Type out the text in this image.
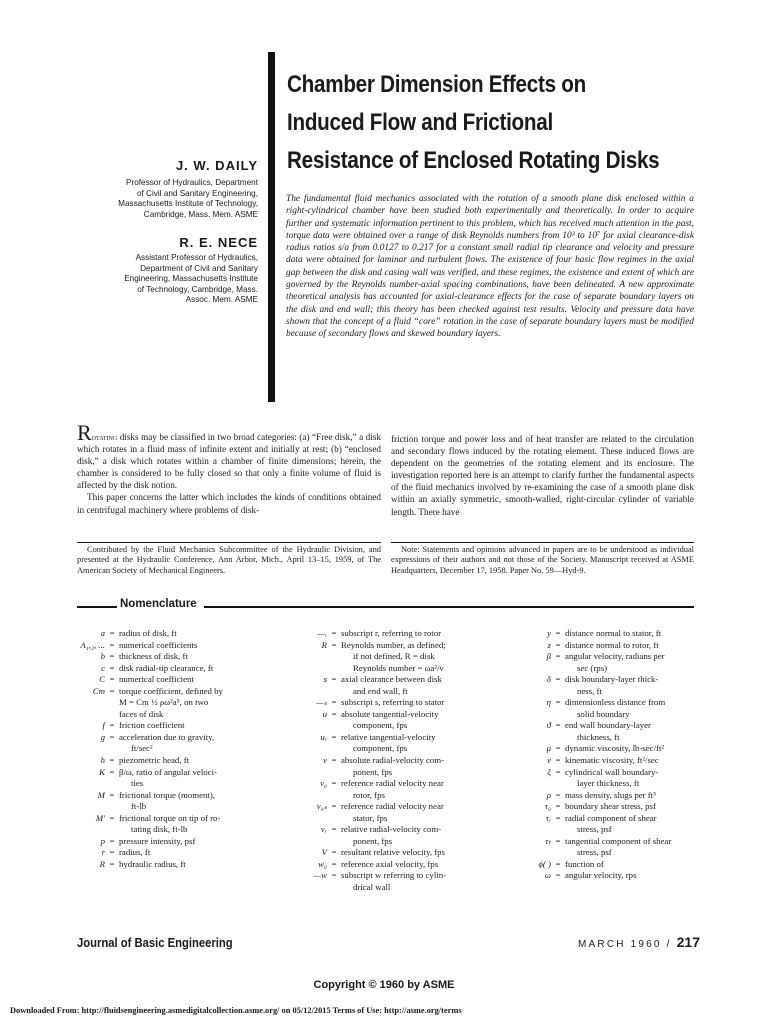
Chamber Dimension Effects on
Induced Flow and Frictional
Resistance of Enclosed Rotating Disks
J. W. DAILY
Professor of Hydraulics, Department
of Civil and Sanitary Engineering,
Massachusetts Institute of Technology,
Cambridge, Mass. Mem. ASME
R. E. NECE
Assistant Professor of Hydraulics,
Department of Civil and Sanitary
Engineering, Massachusetts Institute
of Technology, Cambridge, Mass.
Assoc. Mem. ASME
The fundamental fluid mechanics associated with the rotation of a smooth plane disk enclosed within a right-cylindrical chamber have been studied both experimentally and theoretically. In order to acquire further and systematic information pertinent to this problem, which has received much attention in the past, torque data were obtained over a range of disk Reynolds numbers from 10³ to 10⁷ for axial clearance-disk radius ratios s/a from 0.0127 to 0.217 for a constant small radial tip clearance and velocity and pressure data were obtained for laminar and turbulent flows. The existence of four basic flow regimes in the axial gap between the disk and casing wall was verified, and these regimes, the existence and extent of which are governed by the Reynolds number-axial spacing combinations, have been delineated. A new approximate theoretical analysis has accounted for axial-clearance effects for the case of separate boundary layers on the disk and end wall; this theory has been checked against test results. Velocity and pressure data have shown that the concept of a fluid “core” rotation in the case of separate boundary layers must be modified because of secondary flows and skewed boundary layers.
Rotating disks may be classified in two broad categories: (a) “Free disk,” a disk which rotates in a fluid mass of infinite extent and initially at rest; (b) “enclosed disk,” a disk which rotates within a chamber of finite dimensions; herein, the chamber is considered to be fully closed so that only a finite volume of fluid is affected by the disk notion.
This paper concerns the latter which includes the kinds of conditions obtained in centrifugal machinery where problems of disk-
friction torque and power loss and of heat transfer are related to the circulation and secondary flows induced by the rotating element. These induced flows are dependent on the geometries of the rotating element and its enclosure. The investigation reported here is an attempt to clarify further the fundamental aspects of the fluid mechanics involved by re-examining the case of a smooth plane disk within an axially symmetric, smooth-walled, right-circular cylinder of variable length. There have
Contributed by the Fluid Mechanics Subcommittee of the Hydraulic Division, and presented at the Hydraulic Conference, Ann Arbor, Mich., April 13–15, 1959, of The American Society of Mechanical Engineers.
Note: Statements and opinions advanced in papers are to be understood as individual expressions of their authors and not those of the Society. Manuscript received at ASME Headquarters, December 17, 1958. Paper No. 59—Hyd-9.
Nomenclature
a = radius of disk, ft
A₁,₂, ... = numerical coefficients
b = thickness of disk, ft
c = disk radial-tip clearance, ft
C = numerical coefficient
Cm = torque coefficient, defined by
M = Cm ½ ρω²a⁵, on two
faces of disk
f = friction coefficient
g = acceleration due to gravity,
ft/sec²
h = piezometric head, ft
K = β/ω, ratio of angular veloci-
ties
M = frictional torque (moment),
ft-lb
M′ = frictional torque on tip of ro-
tating disk, ft-lb
p = pressure intensity, psf
r = radius, ft
R = hydraulic radius, ft
—ᵣ = subscript r, referring to rotor
R = Reynolds number, as defined;
if not defined, R = disk
Reynolds number = ωa²/ν
s = axial clearance between disk
and end wall, ft
—ₛ = subscript s, referring to stator
u = absolute tangential-velocity
component, fps
uᵣ = relative tangential-velocity
component, fps
v = absolute radial-velocity com-
ponent, fps
v₀ = reference radial velocity near
rotor, fps
v₀ₛ = reference radial velocity near
stator, fps
vᵣ = relative radial-velocity com-
ponent, fps
V = resultant relative velocity, fps
w₀ = reference axial velocity, fps
—w = subscript w referring to cylin-
drical wall
y = distance normal to stator, ft
z = distance normal to rotor, ft
β = angular velocity, radians per
sec (rps)
δ = disk boundary-layer thick-
ness, ft
η = dimensionless distance from
solid boundary
ϑ = end wall boundary-layer
thickness, ft
μ = dynamic viscosity, lb-sec/ft²
ν = kinematic viscosity, ft²/sec
ξ = cylindrical wall boundary-
layer thickness, ft
ρ = mass density, slugs per ft³
τ₀ = boundary shear stress, psf
τᵣ = radial component of shear
stress, psf
τₜ = tangential component of shear
stress, psf
ϕ( ) = function of
ω = angular velocity, rps
Journal of Basic Engineering	MARCH 1960 / 217
Copyright © 1960 by ASME
Downloaded From: http://fluidsengineering.asmedigitalcollection.asme.org/ on 05/12/2015 Terms of Use: http://asme.org/terms
